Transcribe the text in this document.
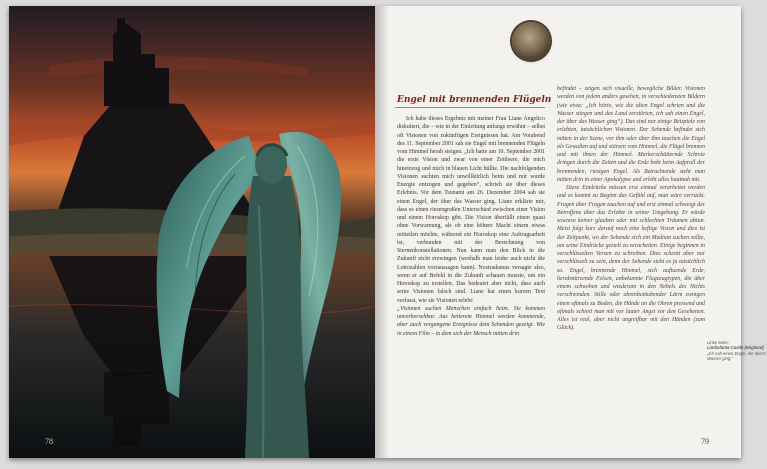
78
Engel mit brennenden Flügeln

Ich habe dieses Ergebnis mit meiner Frau Liane Angelico diskutiert, die – wie in der Einleitung anfangs erwähnt – selbst oft Visionen von zukünftigen Ereignissen hat. Am Vorabend des 11. September 2001 sah sie Engel mit brennenden Flügeln vom Himmel herab steigen. „Ich hatte am 10. September 2001 die erste Vision und zwar von einer Zeitleere, die mich hineinzog und mich in blauen Licht hüllte. Die nachfolgenden Visionen suchten mich unwillkürlich heim und mir wurde Energie entzogen und gegeben“, schrieb sie über dieses Erlebnis. Vor dem Tsunami am 26. Dezember 2004 sah sie einen Engel, der über das Wasser ging. Liane erklärte mir, dass es einen riesengroßen Unterschied zwischen einer Vision und einem Horoskop gibt. Die Vision überfällt einen quasi ohne Vorwarnung, als ob eine höhere Macht einem etwas mitteilen möchte, während ein Horoskop eine Auftragsarbeit ist, verbunden mit der Berechnung von Sternenkonstellationen. Nun kann man den Blick in die Zukunft nicht erzwingen (weshalb man leider auch nicht die Lottozahlen vorraussagen kann). Nostradamus versagte also, wenn er auf Befehl in die Zukunft schauen musste, um ein Horoskop zu erstellen. Das bedeutet aber nicht, dass auch seine Visionen falsch sind. Liane hat einen kurzen Text verfasst, wie sie Visionen erlebt:

„Visionen suchen Menschen einfach heim. Sie kommen unvorhersehbar. Aus heiterem Himmel werden kommende, aber auch vergangene Ereignisse dem Sehenden gezeigt. Wie in einem Film – in dem sich der Mensch mitten drin

befindet – zeigen sich visuelle, bewegliche Bilder. Visionen werden von jedem anders gesehen, in verschiedensten Bildern (wie etwa: „Ich hörte, wie die alten Engel schrien und die Wasser stiegen und das Land zerstörten, ich sah einen Engel, der über das Wasser ging“). Das sind nur einige Beispiele von erlebten, tatsächlichen Visionen. Der Sehende befindet sich mitten in der Szene, vor ihm oder über ihm tauchen die Engel als Gewalten auf und stürzen vom Himmel, die Flügel brennen und mit ihnen der Himmel. Markerschütternde Schreie dringen durch die Zeiten und die Erde bebt beim Aufprall der brennenden, riesigen Engel. Als Betrachtende steht man mitten drin in einer Apokalypse und erlebt alles hautnah mit.

Diese Eindrücke müssen erst einmal verarbeitet werden und es kommt zu Beginn das Gefühl auf, man wäre verrückt. Fragen über Fragen tauchen auf und erst einmal schweigt der Betroffene über das Erlebte in seiner Umgebung. Er würde sowieso keiner glauben oder mit schlechten Träumen abtun. Meist folgt kurz darauf noch eine heftige Vision und dies ist der Zeitpunkt, wo der Sehende sich ein Medium suchen sollte, um seine Eindrücke gezielt zu verarbeiten. Einige beginnen in verschlüsselten Versen zu schreiben. Dies scheint aber nur verschlüsselt zu sein, denn der Sehende sieht es ja tatsächlich so. Engel, brennende Himmel, sich auftuende Erde, herabstürzende Felsen, unbekannte Flugzeugtypen, die über einem schweben und wiederum in den Nebels des Nichts verschwinden. Stille oder ohrenbetäubender Lärm zwingen einen oftmals zu Boden, die Hände an die Ohren pressend und oftmals schreit man mit vor lauter Angst vor den Gesehenen. Alles ist real, aber nicht angreifbar mit den Händen (zum Glück).

Linke Seite:
Lindisfarne Castle (England)
„Ich sah einen Engel, der über's Wasser ging.“
79
